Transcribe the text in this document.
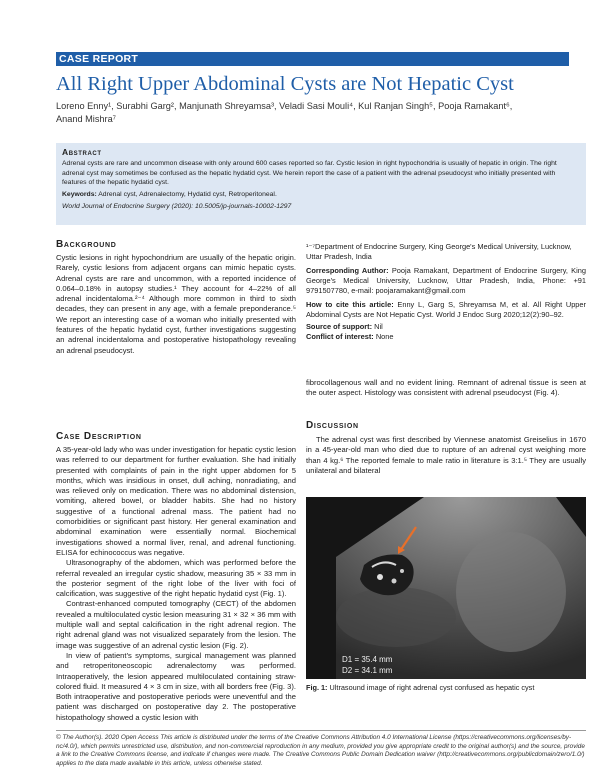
CASE REPORT
All Right Upper Abdominal Cysts are Not Hepatic Cyst
Loreno Enny¹, Surabhi Garg², Manjunath Shreyamsa³, Veladi Sasi Mouli⁴, Kul Ranjan Singh⁵, Pooja Ramakant⁶,
Anand Mishra⁷
Abstract

Adrenal cysts are rare and uncommon disease with only around 600 cases reported so far. Cystic lesion in right hypochondria is usually of hepatic in origin. The right adrenal cyst may sometimes be confused as the hepatic hydatid cyst. We herein report the case of a patient with the adrenal pseudocyst who initially presented with features of the hepatic hydatid cyst.

Keywords: Adrenal cyst, Adrenalectomy, Hydatid cyst, Retroperitoneal.

World Journal of Endocrine Surgery (2020): 10.5005/jp-journals-10002-1297

Background

Cystic lesions in right hypochondrium are usually of the hepatic origin. Rarely, cystic lesions from adjacent organs can mimic hepatic cysts. Adrenal cysts are rare and uncommon, with a reported incidence of 0.064–0.18% in autopsy studies.¹ They account for 4–22% of all adrenal incidentaloma.²⁻⁴ Although more common in third to sixth decades, they can present in any age, with a female preponderance.⁵ We report an interesting case of a woman who initially presented with features of the hepatic hydatid cyst, further investigations suggesting an adrenal incidentaloma and postoperative histopathology revealing an adrenal pseudocyst.

Case Description

A 35-year-old lady who was under investigation for hepatic cystic lesion was referred to our department for further evaluation. She had initially presented with complaints of pain in the right upper abdomen for 5 months, which was insidious in onset, dull aching, nonradiating, and was relieved only on medication. There was no abdominal distension, vomiting, altered bowel, or bladder habits. She had no history suggestive of a functional adrenal mass. The patient had no comorbidities or significant past history. Her general examination and abdominal examination were essentially normal. Biochemical investigations showed a normal liver, renal, and adrenal functioning. ELISA for echinococcus was negative.

Ultrasonography of the abdomen, which was performed before the referral revealed an irregular cystic shadow, measuring 35 × 33 mm in the posterior segment of the right lobe of the liver with foci of calcification, was suggestive of the right hepatic hydatid cyst (Fig. 1).

Contrast-enhanced computed tomography (CECT) of the abdomen revealed a multiloculated cystic lesion measuring 31 × 32 × 36 mm with multiple wall and septal calcification in the right adrenal region. The right adrenal gland was not visualized separately from the lesion. The image was suggestive of an adrenal cystic lesion (Fig. 2).

In view of patient’s symptoms, surgical management was planned and retroperitoneoscopic adrenalectomy was performed. Intraoperatively, the lesion appeared multiloculated containing straw-colored fluid. It measured 4 × 3 cm in size, with all borders free (Fig. 3). Both intraoperative and postoperative periods were uneventful and the patient was discharged on postoperative day 2. The postoperative histopathology showed a cystic lesion with

¹⁻⁷Department of Endocrine Surgery, King George's Medical University, Lucknow, Uttar Pradesh, India

Corresponding Author: Pooja Ramakant, Department of Endocrine Surgery, King George's Medical University, Lucknow, Uttar Pradesh, India, Phone: +91 9791507780, e-mail: poojaramakant@gmail.com

How to cite this article: Enny L, Garg S, Shreyamsa M, et al. All Right Upper Abdominal Cysts are Not Hepatic Cyst. World J Endoc Surg 2020;12(2):90–92.

Source of support: Nil

Conflict of interest: None

fibrocollagenous wall and no evident lining. Remnant of adrenal tissue is seen at the outer aspect. Histology was consistent with adrenal pseudocyst (Fig. 4).

Discussion

The adrenal cyst was first described by Viennese anatomist Greiselius in 1670 in a 45-year-old man who died due to rupture of an adrenal cyst weighing more than 4 kg.⁶ The reported female to male ratio in literature is 3:1.⁵ They are usually unilateral and bilateral

D1 = 35.4 mm
D2 = 34.1 mm
Fig. 1: Ultrasound image of right adrenal cyst confused as hepatic cyst
© The Author(s). 2020 Open Access This article is distributed under the terms of the Creative Commons Attribution 4.0 International License (https://creativecommons.org/licenses/by-nc/4.0/), which permits unrestricted use, distribution, and non-commercial reproduction in any medium, provided you give appropriate credit to the original author(s) and the source, provide a link to the Creative Commons license, and indicate if changes were made. The Creative Commons Public Domain Dedication waiver (http://creativecommons.org/publicdomain/zero/1.0/) applies to the data made available in this article, unless otherwise stated.
